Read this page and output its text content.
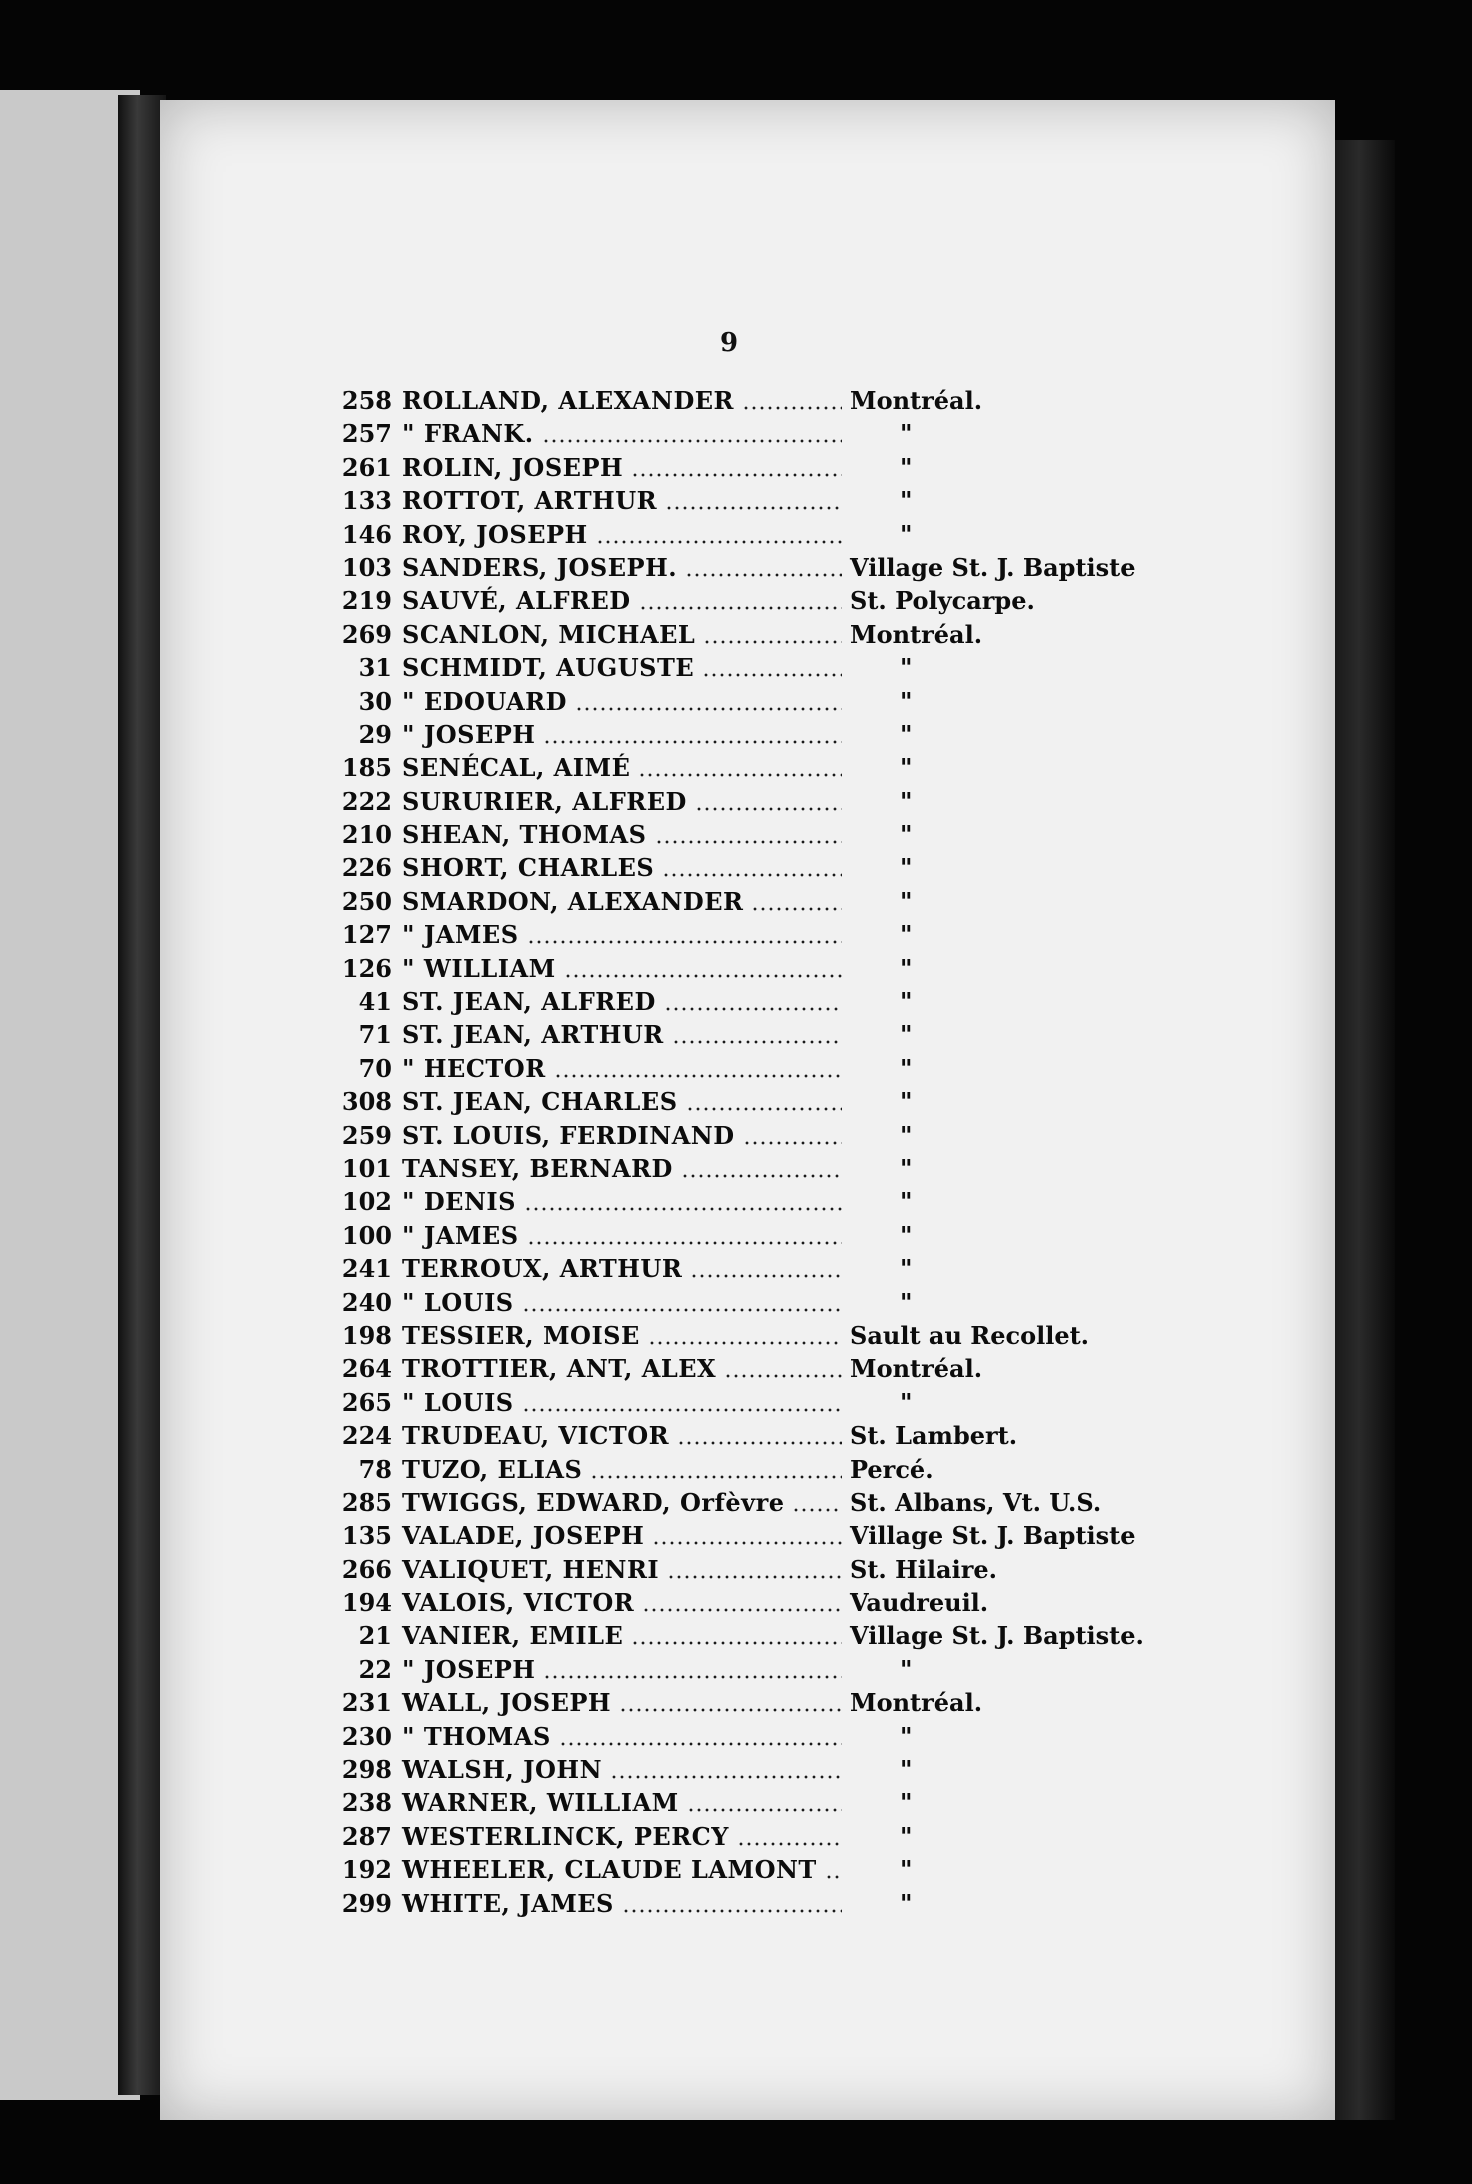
9
258 ROLLAND, ALEXANDER	Montréal.
257 " FRANK.	"
261 ROLIN, JOSEPH	"
133 ROTTOT, ARTHUR	"
146 ROY, JOSEPH	"
103 SANDERS, JOSEPH.	Village St. J. Baptiste
219 SAUVÉ, ALFRED	St. Polycarpe.
269 SCANLON, MICHAEL	Montréal.
31 SCHMIDT, AUGUSTE	"
30 " EDOUARD	"
29 " JOSEPH	"
185 SENÉCAL, AIMÉ	"
222 SURURIER, ALFRED	"
210 SHEAN, THOMAS	"
226 SHORT, CHARLES	"
250 SMARDON, ALEXANDER	"
127 " JAMES	"
126 " WILLIAM	"
41 ST. JEAN, ALFRED	"
71 ST. JEAN, ARTHUR	"
70 " HECTOR	"
308 ST. JEAN, CHARLES	"
259 ST. LOUIS, FERDINAND	"
101 TANSEY, BERNARD	"
102 " DENIS	"
100 " JAMES	"
241 TERROUX, ARTHUR	"
240 " LOUIS	"
198 TESSIER, MOISE	Sault au Recollet.
264 TROTTIER, ANT, ALEX	Montréal.
265 " LOUIS	"
224 TRUDEAU, VICTOR	St. Lambert.
78 TUZO, ELIAS	Percé.
285 TWIGGS, EDWARD, Orfèvre	St. Albans, Vt. U.S.
135 VALADE, JOSEPH	Village St. J. Baptiste
266 VALIQUET, HENRI	St. Hilaire.
194 VALOIS, VICTOR	Vaudreuil.
21 VANIER, EMILE	Village St. J. Baptiste.
22 " JOSEPH	"
231 WALL, JOSEPH	Montréal.
230 " THOMAS	"
298 WALSH, JOHN	"
238 WARNER, WILLIAM	"
287 WESTERLINCK, PERCY	"
192 WHEELER, CLAUDE LAMONT	"
299 WHITE, JAMES	"
